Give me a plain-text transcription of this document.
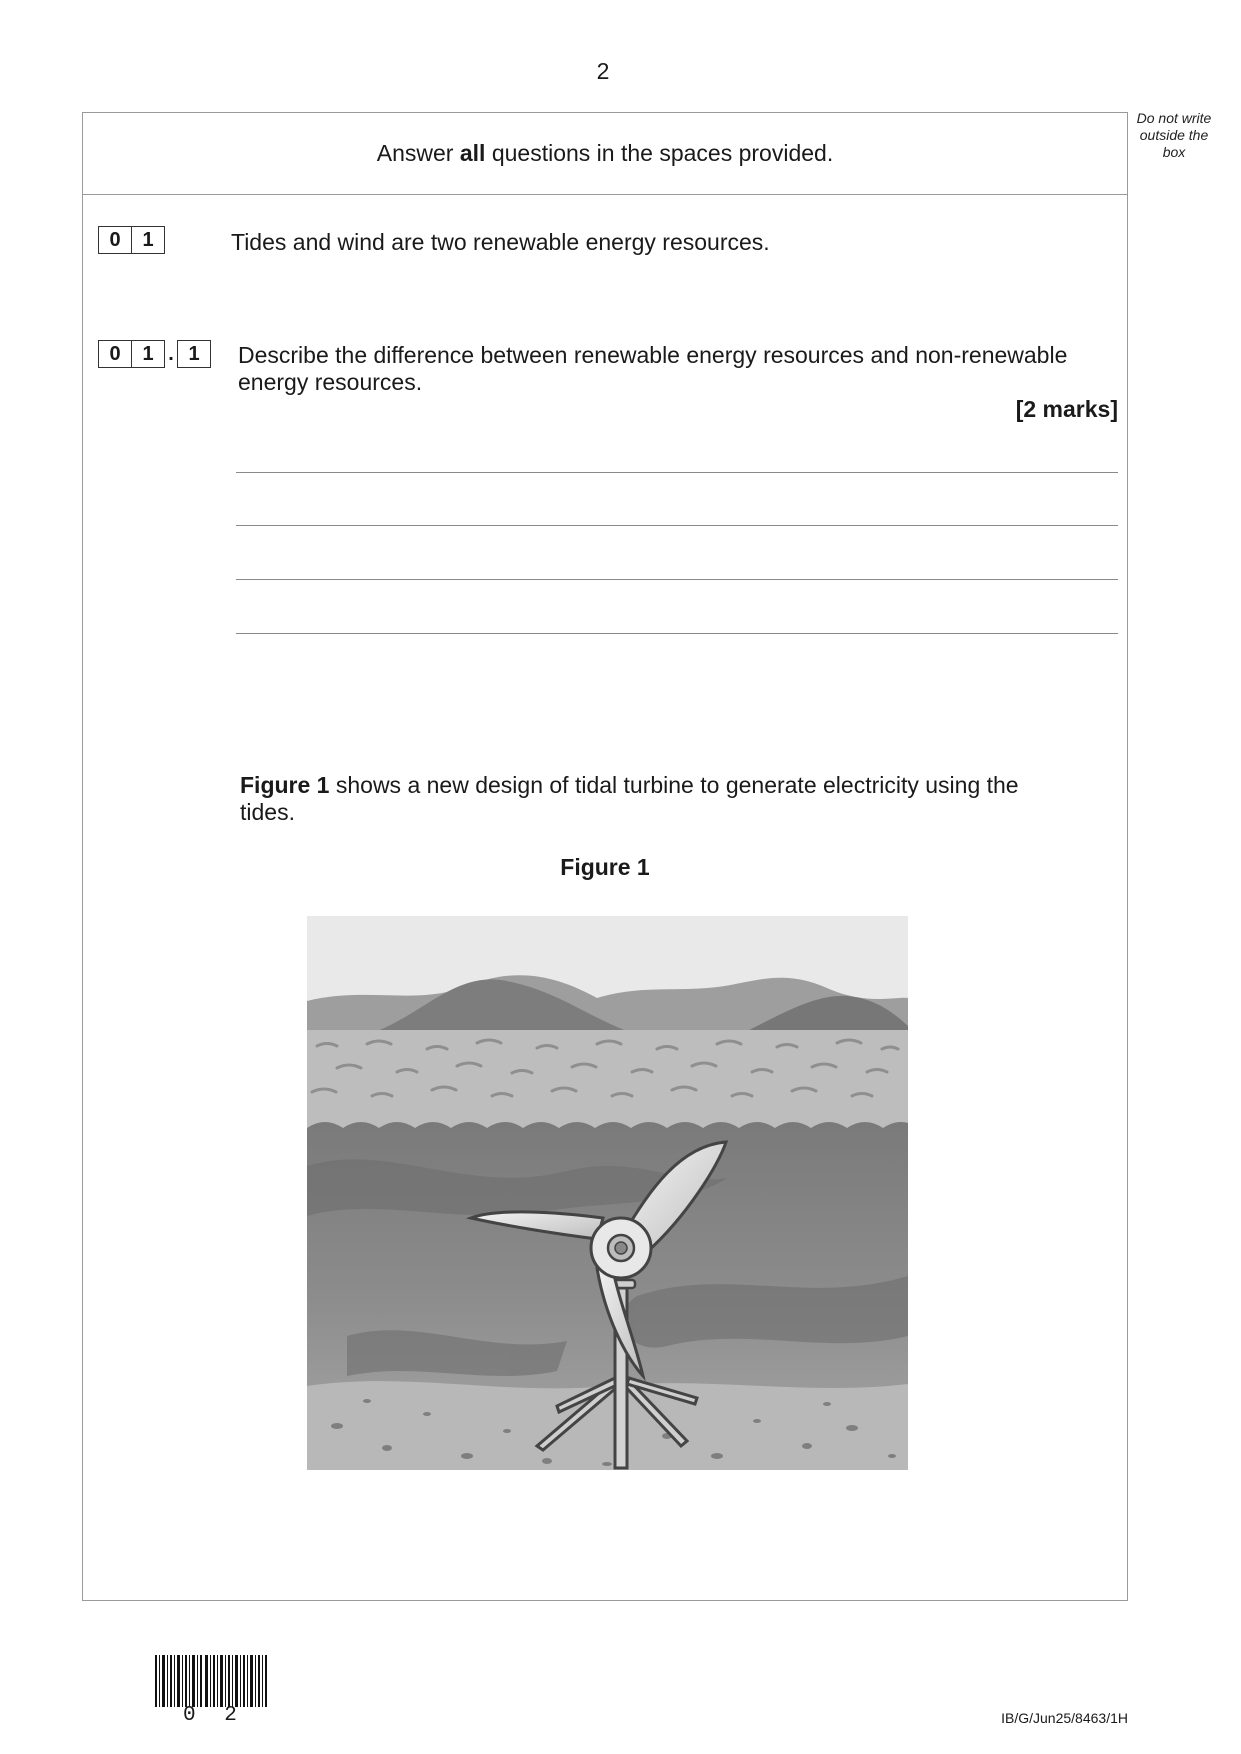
2
Do not write outside the box
Answer all questions in the spaces provided.
0 1	Tides and wind are two renewable energy resources.
0 1 . 1	Describe the difference between renewable energy resources and non-renewable energy resources.
[2 marks]
Figure 1 shows a new design of tidal turbine to generate electricity using the tides.
Figure 1
0 2	IB/G/Jun25/8463/1H
